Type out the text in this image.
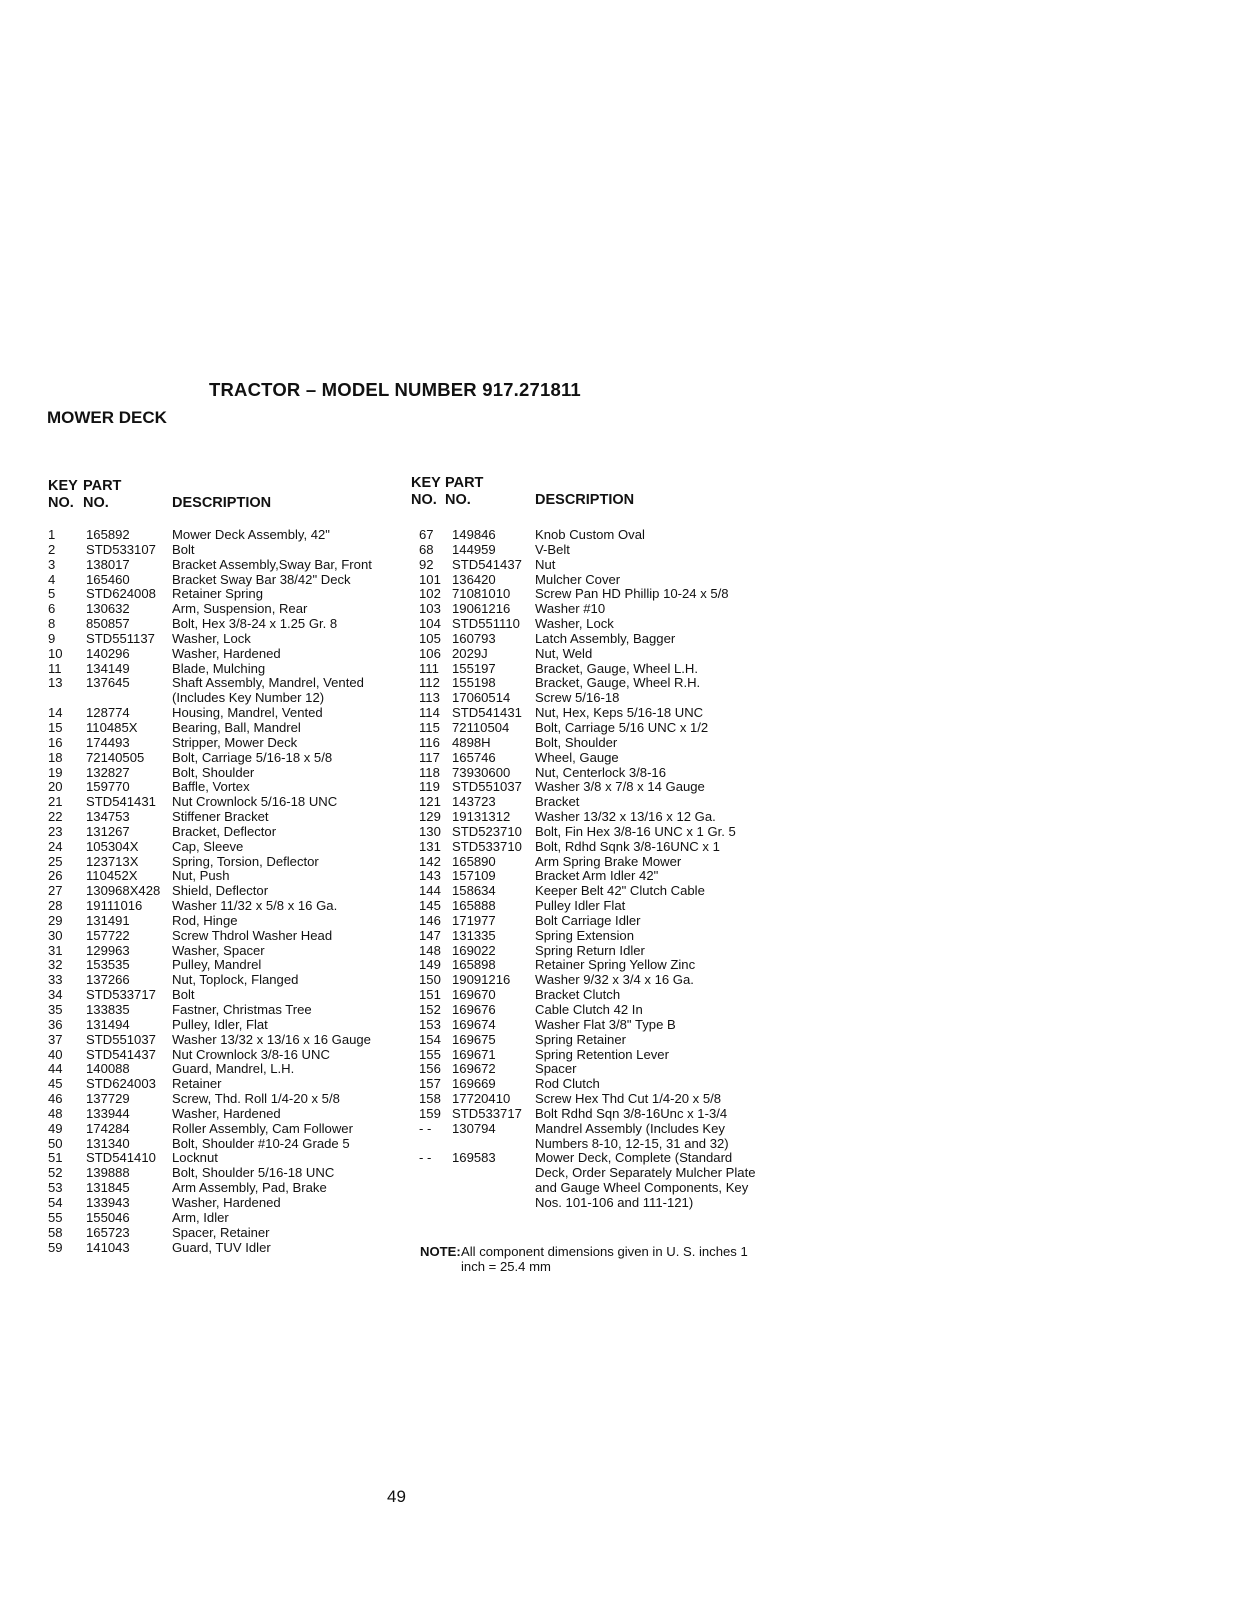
TRACTOR – MODEL NUMBER 917.271811
MOWER DECK
KEY
NO.
PART
NO.	DESCRIPTION
1 165892	Mower Deck Assembly, 42"

2 STD533107	Bolt

3 138017	Bracket Assembly,Sway Bar, Front

4 165460	Bracket Sway Bar 38/42" Deck

5 STD624008	Retainer Spring

6 130632	Arm, Suspension, Rear

8 850857	Bolt, Hex 3/8-24 x 1.25 Gr. 8

9 STD551137	Washer, Lock

10 140296	Washer, Hardened

11 134149	Blade, Mulching

13 137645	Shaft Assembly, Mandrel, Vented (Includes Key Number 12)

14 128774	Housing, Mandrel, Vented

15 110485X	Bearing, Ball, Mandrel

16 174493	Stripper, Mower Deck

18 72140505	Bolt, Carriage 5/16-18 x 5/8

19 132827	Bolt, Shoulder

20 159770	Baffle, Vortex

21 STD541431	Nut Crownlock 5/16-18 UNC

22 134753	Stiffener Bracket

23 131267	Bracket, Deflector

24 105304X	Cap, Sleeve

25 123713X	Spring, Torsion, Deflector

26 110452X	Nut, Push

27 130968X428 Shield, Deflector

28 19111016	Washer 11/32 x 5/8 x 16 Ga.

29 131491	Rod, Hinge

30 157722	Screw Thdrol Washer Head

31 129963	Washer, Spacer

32 153535	Pulley, Mandrel

33 137266	Nut, Toplock, Flanged

34 STD533717	Bolt

35 133835	Fastner, Christmas Tree

36 131494	Pulley, Idler, Flat

37 STD551037	Washer 13/32 x 13/16 x 16 Gauge

40 STD541437	Nut Crownlock 3/8-16 UNC

44 140088	Guard, Mandrel, L.H.

45 STD624003	Retainer

46 137729	Screw, Thd. Roll 1/4-20 x 5/8

48 133944	Washer, Hardened

49 174284	Roller Assembly, Cam Follower

50 131340	Bolt, Shoulder #10-24 Grade 5

51 STD541410	Locknut

52 139888	Bolt, Shoulder 5/16-18 UNC

53 131845	Arm Assembly, Pad, Brake

54 133943	Washer, Hardened

55 155046	Arm, Idler

58 165723	Spacer, Retainer

59 141043	Guard, TUV Idler

KEY
NO.
PART
NO.	DESCRIPTION
67 149846	Knob Custom Oval

68 144959	V-Belt

92 STD541437	Nut

101 136420	Mulcher Cover

102 71081010	Screw Pan HD Phillip 10-24 x 5/8

103 19061216	Washer #10

104 STD551110	Washer, Lock

105 160793	Latch Assembly, Bagger

106 2029J	Nut, Weld

111 155197	Bracket, Gauge, Wheel L.H.

112 155198	Bracket, Gauge, Wheel R.H.

113 17060514	Screw 5/16-18

114 STD541431	Nut, Hex, Keps 5/16-18 UNC

115 72110504	Bolt, Carriage 5/16 UNC x 1/2

116 4898H	Bolt, Shoulder

117 165746	Wheel, Gauge

118 73930600	Nut, Centerlock 3/8-16

119 STD551037	Washer 3/8 x 7/8 x 14 Gauge

121 143723	Bracket

129 19131312	Washer 13/32 x 13/16 x 12 Ga.

130 STD523710	Bolt, Fin Hex 3/8-16 UNC x 1 Gr. 5

131 STD533710	Bolt, Rdhd Sqnk 3/8-16UNC x 1

142 165890	Arm Spring Brake Mower

143 157109	Bracket Arm Idler 42"

144 158634	Keeper Belt 42" Clutch Cable

145 165888	Pulley Idler Flat

146 171977	Bolt Carriage Idler

147 131335	Spring Extension

148 169022	Spring Return Idler

149 165898	Retainer Spring Yellow Zinc

150 19091216	Washer 9/32 x 3/4 x 16 Ga.

151 169670	Bracket Clutch

152 169676	Cable Clutch 42 In

153 169674	Washer Flat 3/8" Type B

154 169675	Spring Retainer

155 169671	Spring Retention Lever

156 169672	Spacer

157 169669	Rod Clutch

158 17720410	Screw Hex Thd Cut 1/4-20 x 5/8

159 STD533717	Bolt Rdhd Sqn 3/8-16Unc x 1-3/4

- - 130794	Mandrel Assembly (Includes Key Numbers 8-10, 12-15, 31 and 32)

- - 169583	Mower Deck, Complete (Standard Deck, Order Separately Mulcher Plate and Gauge Wheel Components, Key Nos. 101-106 and 111-121)

NOTE: All component dimensions given in U. S. inches 1 inch = 25.4 mm

49
